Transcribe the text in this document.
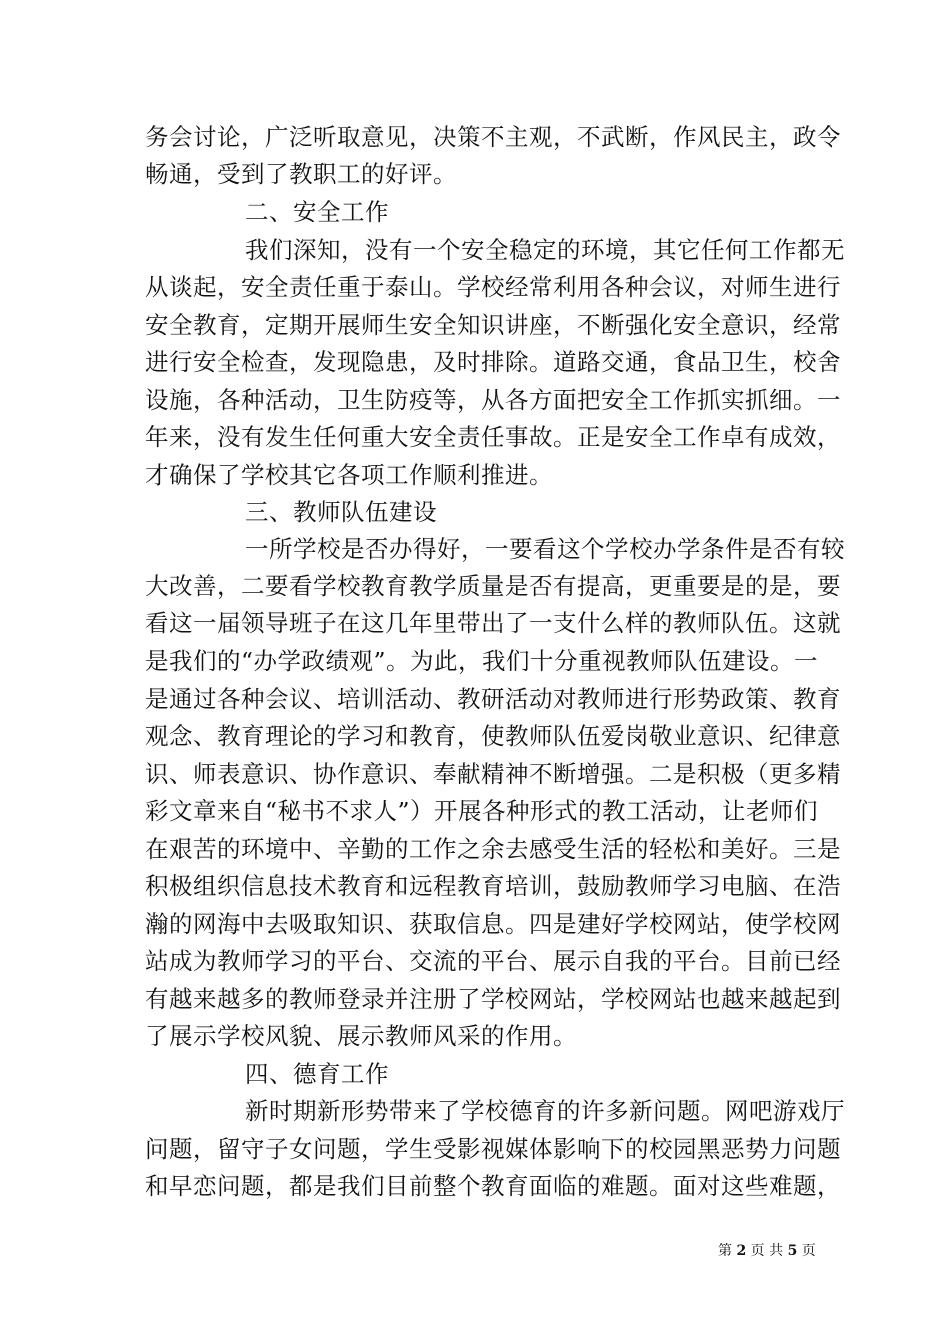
务会讨论，广泛听取意见，决策不主观，不武断，作风民主，政令
畅通，受到了教职工的好评。
二、安全工作
我们深知，没有一个安全稳定的环境，其它任何工作都无
从谈起，安全责任重于泰山。学校经常利用各种会议，对师生进行
安全教育，定期开展师生安全知识讲座，不断强化安全意识，经常
进行安全检查，发现隐患，及时排除。道路交通，食品卫生，校舍
设施，各种活动，卫生防疫等，从各方面把安全工作抓实抓细。一
年来，没有发生任何重大安全责任事故。正是安全工作卓有成效，
才确保了学校其它各项工作顺利推进。
三、教师队伍建设
一所学校是否办得好，一要看这个学校办学条件是否有较
大改善，二要看学校教育教学质量是否有提高，更重要是的是，要
看这一届领导班子在这几年里带出了一支什么样的教师队伍。这就
是我们的“办学政绩观”。为此，我们十分重视教师队伍建设。一
是通过各种会议、培训活动、教研活动对教师进行形势政策、教育
观念、教育理论的学习和教育，使教师队伍爱岗敬业意识、纪律意
识、师表意识、协作意识、奉献精神不断增强。二是积极（更多精
彩文章来自“秘书不求人”）开展各种形式的教工活动，让老师们
在艰苦的环境中、辛勤的工作之余去感受生活的轻松和美好。三是
积极组织信息技术教育和远程教育培训，鼓励教师学习电脑、在浩
瀚的网海中去吸取知识、获取信息。四是建好学校网站，使学校网
站成为教师学习的平台、交流的平台、展示自我的平台。目前已经
有越来越多的教师登录并注册了学校网站，学校网站也越来越起到
了展示学校风貌、展示教师风采的作用。
四、德育工作
新时期新形势带来了学校德育的许多新问题。网吧游戏厅
问题，留守子女问题，学生受影视媒体影响下的校园黑恶势力问题
和早恋问题，都是我们目前整个教育面临的难题。面对这些难题，
第 2 页 共 5 页
